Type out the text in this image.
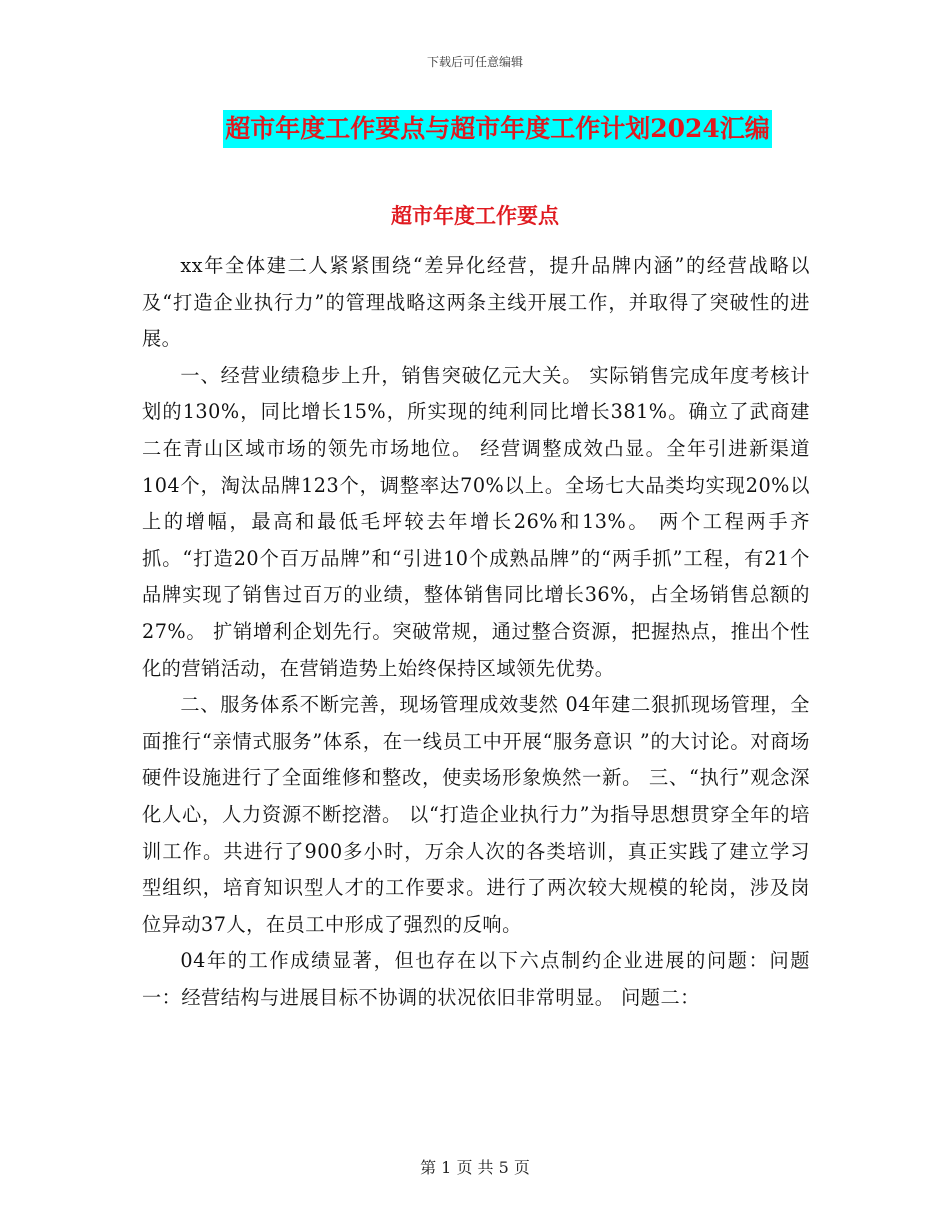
下载后可任意编辑
超市年度工作要点与超市年度工作计划2024汇编
超市年度工作要点

xx年全体建二人紧紧围绕“差异化经营，提升品牌内涵”的经营战略以及“打造企业执行力”的管理战略这两条主线开展工作，并取得了突破性的进展。

一、经营业绩稳步上升，销售突破亿元大关。 实际销售完成年度考核计划的130%，同比增长15%，所实现的纯利同比增长381%。确立了武商建二在青山区域市场的领先市场地位。 经营调整成效凸显。全年引进新渠道104个，淘汰品牌123个，调整率达70%以上。全场七大品类均实现20%以上的增幅，最高和最低毛坪较去年增长26%和13%。 两个工程两手齐抓。“打造20个百万品牌”和“引进10个成熟品牌”的“两手抓”工程，有21个品牌实现了销售过百万的业绩，整体销售同比增长36%，占全场销售总额的27%。 扩销增利企划先行。突破常规，通过整合资源，把握热点，推出个性化的营销活动，在营销造势上始终保持区域领先优势。

二、服务体系不断完善，现场管理成效斐然 04年建二狠抓现场管理，全面推行“亲情式服务”体系，在一线员工中开展“服务意识 ”的大讨论。对商场硬件设施进行了全面维修和整改，使卖场形象焕然一新。 三、“执行”观念深化人心，人力资源不断挖潜。 以“打造企业执行力”为指导思想贯穿全年的培训工作。共进行了900多小时，万余人次的各类培训，真正实践了建立学习型组织，培育知识型人才的工作要求。进行了两次较大规模的轮岗，涉及岗位异动37人，在员工中形成了强烈的反响。

04年的工作成绩显著，但也存在以下六点制约企业进展的问题：问题一：经营结构与进展目标不协调的状况依旧非常明显。 问题二：

第 1 页 共 5 页
